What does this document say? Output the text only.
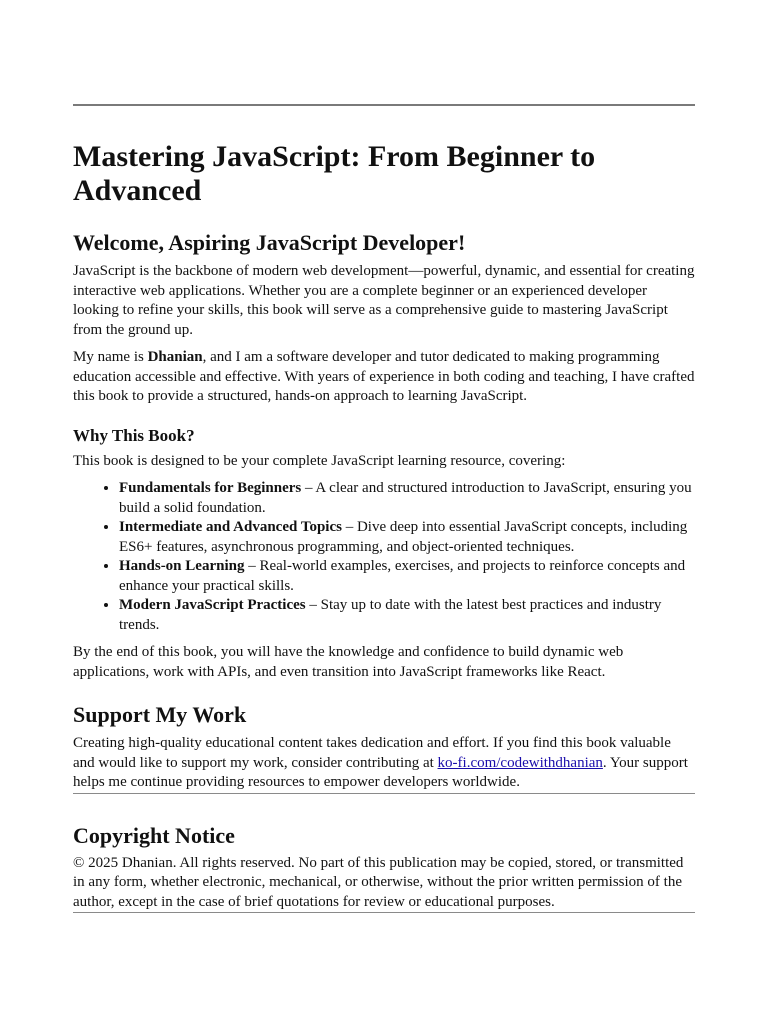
Mastering JavaScript: From Beginner to Advanced
Welcome, Aspiring JavaScript Developer!

JavaScript is the backbone of modern web development—powerful, dynamic, and essential for creating interactive web applications. Whether you are a complete beginner or an experienced developer looking to refine your skills, this book will serve as a comprehensive guide to mastering JavaScript from the ground up.

My name is Dhanian, and I am a software developer and tutor dedicated to making programming education accessible and effective. With years of experience in both coding and teaching, I have crafted this book to provide a structured, hands-on approach to learning JavaScript.

Why This Book?

This book is designed to be your complete JavaScript learning resource, covering:

• Fundamentals for Beginners – A clear and structured introduction to JavaScript, ensuring you build a solid foundation.
• Intermediate and Advanced Topics – Dive deep into essential JavaScript concepts, including ES6+ features, asynchronous programming, and object-oriented techniques.
• Hands-on Learning – Real-world examples, exercises, and projects to reinforce concepts and enhance your practical skills.
• Modern JavaScript Practices – Stay up to date with the latest best practices and industry trends.

By the end of this book, you will have the knowledge and confidence to build dynamic web applications, work with APIs, and even transition into JavaScript frameworks like React.

Support My Work

Creating high-quality educational content takes dedication and effort. If you find this book valuable and would like to support my work, consider contributing at ko-fi.com/codewithdhanian. Your support helps me continue providing resources to empower developers worldwide.

Copyright Notice

© 2025 Dhanian. All rights reserved. No part of this publication may be copied, stored, or transmitted in any form, whether electronic, mechanical, or otherwise, without the prior written permission of the author, except in the case of brief quotations for review or educational purposes.
